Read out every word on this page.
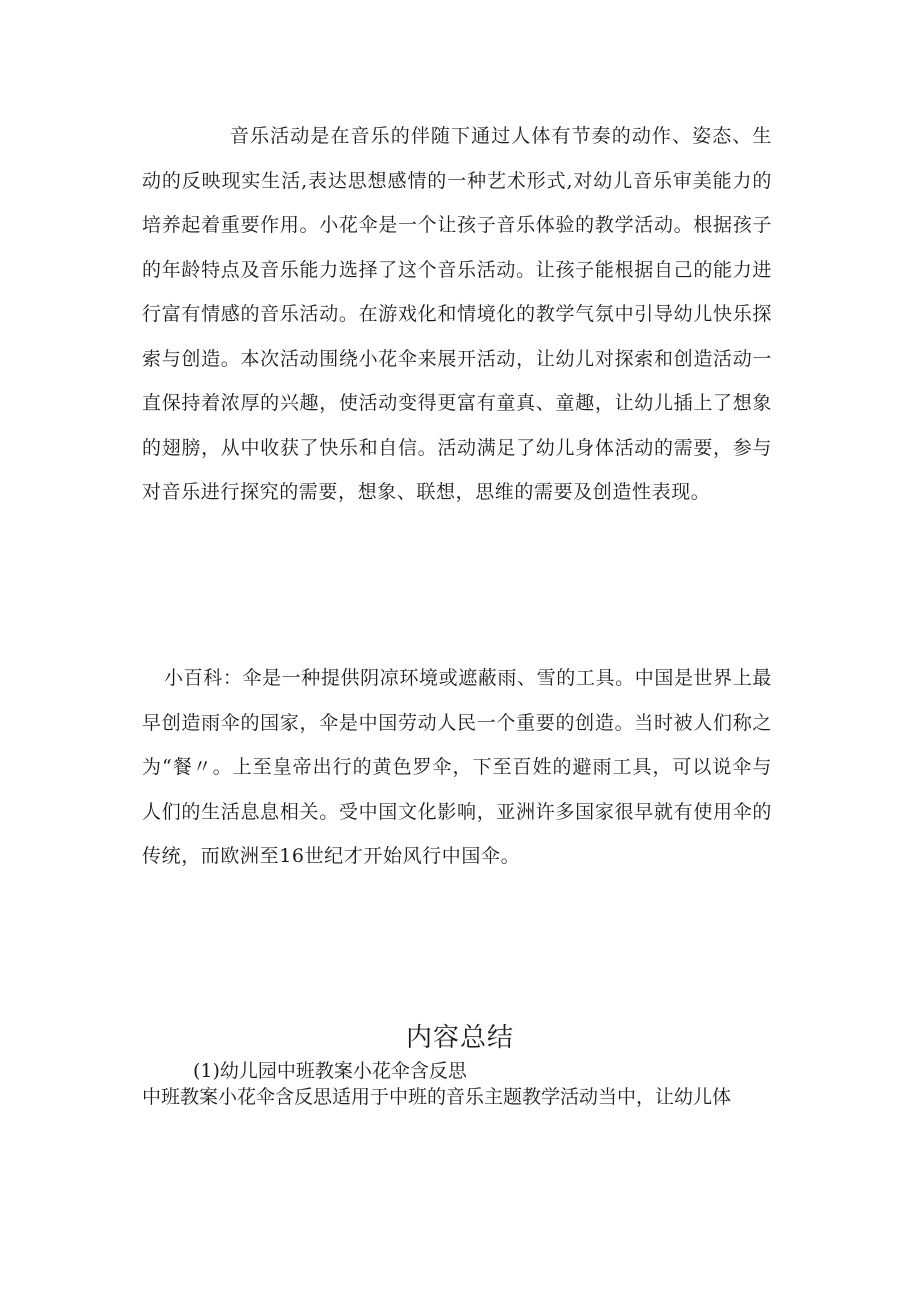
音乐活动是在音乐的伴随下通过人体有节奏的动作、姿态、生动的反映现实生活,表达思想感情的一种艺术形式,对幼儿音乐审美能力的培养起着重要作用。小花伞是一个让孩子音乐体验的教学活动。根据孩子的年龄特点及音乐能力选择了这个音乐活动。让孩子能根据自己的能力进行富有情感的音乐活动。在游戏化和情境化的教学气氛中引导幼儿快乐探索与创造。本次活动围绕小花伞来展开活动，让幼儿对探索和创造活动一直保持着浓厚的兴趣，使活动变得更富有童真、童趣，让幼儿插上了想象的翅膀，从中收获了快乐和自信。活动满足了幼儿身体活动的需要，参与对音乐进行探究的需要，想象、联想，思维的需要及创造性表现。

小百科：伞是一种提供阴凉环境或遮蔽雨、雪的工具。中国是世界上最早创造雨伞的国家，伞是中国劳动人民一个重要的创造。当时被人们称之为“餐〃。上至皇帝出行的黄色罗伞，下至百姓的避雨工具，可以说伞与人们的生活息息相关。受中国文化影响，亚洲许多国家很早就有使用伞的传统，而欧洲至16世纪才开始风行中国伞。

内容总结

(1)幼儿园中班教案小花伞含反思

中班教案小花伞含反思适用于中班的音乐主题教学活动当中，让幼儿体
